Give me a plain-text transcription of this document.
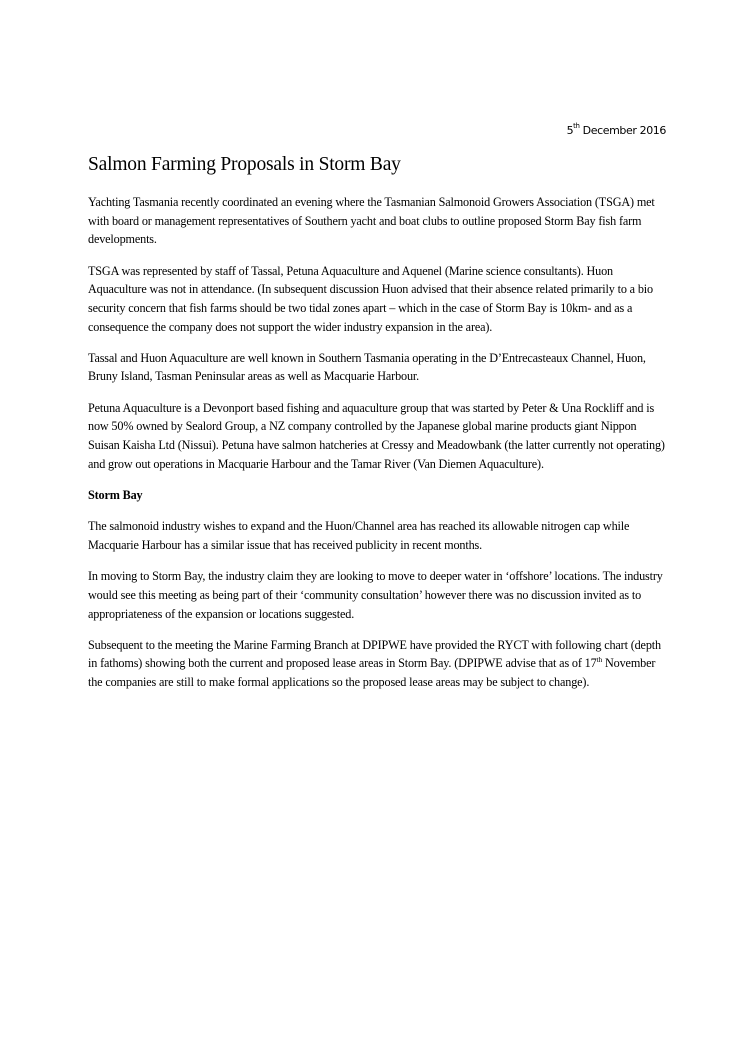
5th December 2016
Salmon Farming Proposals in Storm Bay

Yachting Tasmania recently coordinated an evening where the Tasmanian Salmonoid Growers Association (TSGA) met with board or management representatives of Southern yacht and boat clubs to outline proposed Storm Bay fish farm developments.

TSGA was represented by staff of Tassal, Petuna Aquaculture and Aquenel (Marine science consultants). Huon Aquaculture was not in attendance. (In subsequent discussion Huon advised that their absence related primarily to a bio security concern that fish farms should be two tidal zones apart – which in the case of Storm Bay is 10km- and as a consequence the company does not support the wider industry expansion in the area).

Tassal and Huon Aquaculture are well known in Southern Tasmania operating in the D’Entrecasteaux Channel, Huon, Bruny Island, Tasman Peninsular areas as well as Macquarie Harbour.

Petuna Aquaculture is a Devonport based fishing and aquaculture group that was started by Peter & Una Rockliff and is now 50% owned by Sealord Group, a NZ company controlled by the Japanese global marine products giant Nippon Suisan Kaisha Ltd (Nissui). Petuna have salmon hatcheries at Cressy and Meadowbank (the latter currently not operating) and grow out operations in Macquarie Harbour and the Tamar River (Van Diemen Aquaculture).

Storm Bay

The salmonoid industry wishes to expand and the Huon/Channel area has reached its allowable nitrogen cap while Macquarie Harbour has a similar issue that has received publicity in recent months.

In moving to Storm Bay, the industry claim they are looking to move to deeper water in ‘offshore’ locations. The industry would see this meeting as being part of their ‘community consultation’ however there was no discussion invited as to appropriateness of the expansion or locations suggested.

Subsequent to the meeting the Marine Farming Branch at DPIPWE have provided the RYCT with following chart (depth in fathoms) showing both the current and proposed lease areas in Storm Bay. (DPIPWE advise that as of 17th November the companies are still to make formal applications so the proposed lease areas may be subject to change).
